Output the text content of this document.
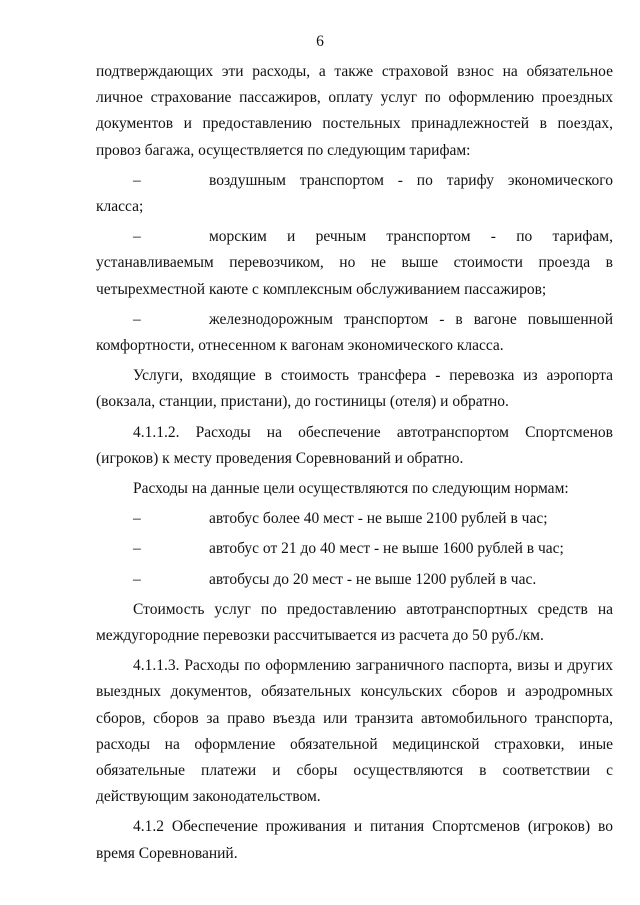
6

подтверждающих эти расходы, а также страховой взнос на обязательное личное страхование пассажиров, оплату услуг по оформлению проездных документов и предоставлению постельных принадлежностей в поездах, провоз багажа, осуществляется по следующим тарифам:

–	воздушным транспортом - по тарифу экономического класса;

–	морским и речным транспортом - по тарифам, устанавливаемым перевозчиком, но не выше стоимости проезда в четырехместной каюте с комплексным обслуживанием пассажиров;

–	железнодорожным транспортом - в вагоне повышенной комфортности, отнесенном к вагонам экономического класса.

Услуги, входящие в стоимость трансфера - перевозка из аэропорта (вокзала, станции, пристани), до гостиницы (отеля) и обратно.

4.1.1.2. Расходы на обеспечение автотранспортом Спортсменов (игроков) к месту проведения Соревнований и обратно.

Расходы на данные цели осуществляются по следующим нормам:

–	автобус более 40 мест - не выше 2100 рублей в час;

–	автобус от 21 до 40 мест - не выше 1600 рублей в час;

–	автобусы до 20 мест - не выше 1200 рублей в час.

Стоимость услуг по предоставлению автотранспортных средств на междугородние перевозки рассчитывается из расчета до 50 руб./км.

4.1.1.3. Расходы по оформлению заграничного паспорта, визы и других выездных документов, обязательных консульских сборов и аэродромных сборов, сборов за право въезда или транзита автомобильного транспорта, расходы на оформление обязательной медицинской страховки, иные обязательные платежи и сборы осуществляются в соответствии с действующим законодательством.

4.1.2 Обеспечение проживания и питания Спортсменов (игроков) во время Соревнований.
